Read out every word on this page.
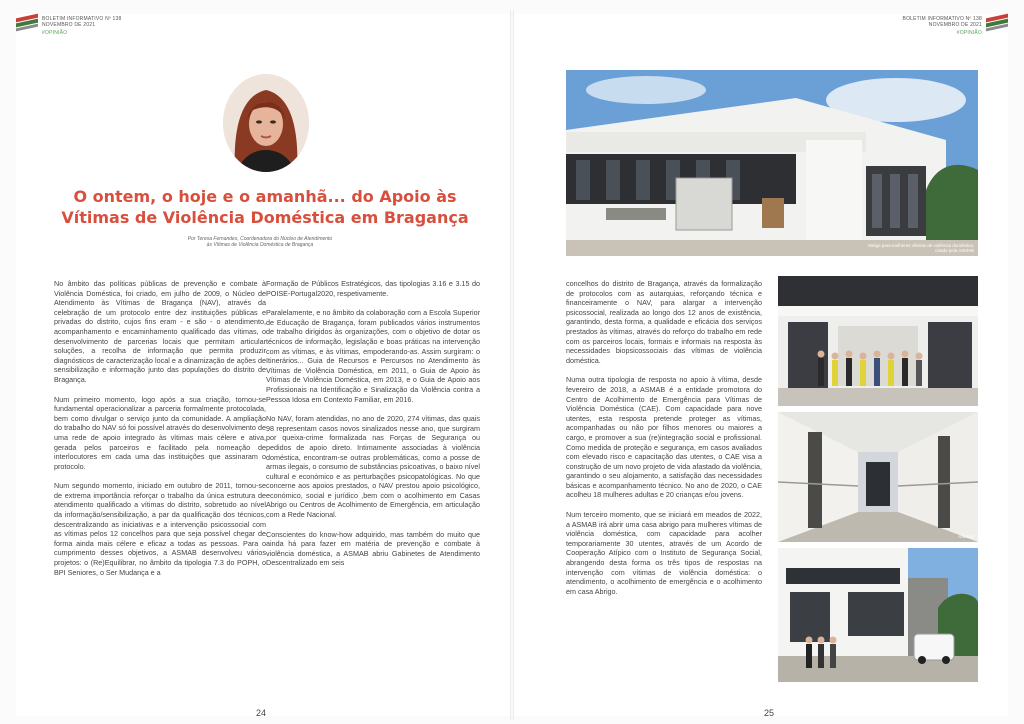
BOLETIM INFORMATIVO Nº 138
NOVEMBRO DE 2021
#OPINIÃO
BOLETIM INFORMATIVO Nº 138
NOVEMBRO DE 2021
#OPINIÃO
O ontem, o hoje e o amanhã... do Apoio às
Vítimas de Violência Doméstica em Bragança
Por Teresa Fernandes, Coordenadora do Núcleo de Atendimento
às Vítimas de Violência Doméstica de Bragança

No âmbito das políticas públicas de prevenção e combate à Violência Doméstica, foi criado, em julho de 2009, o Núcleo de Atendimento às Vítimas de Bragança (NAV), através da celebração de um protocolo entre dez instituições públicas e privadas do distrito, cujos fins eram - e são - o atendimento, acompanhamento e encaminhamento qualificado das vítimas, o desenvolvimento de parcerias locais que permitam articular soluções, a recolha de informação que permita produzir diagnósticos de caracterização local e a dinamização de ações de sensibilização e informação junto das populações do distrito de Bragança.

Num primeiro momento, logo após a sua criação, tornou-se fundamental operacionalizar a parceria formalmente protocolada, bem como divulgar o serviço junto da comunidade. A ampliação do trabalho do NAV só foi possível através do desenvolvimento de uma rede de apoio integrado às vítimas mais célere e ativa, gerada pelos parceiros e facilitado pela nomeação de interlocutores em cada uma das instituições que assinaram o protocolo.

Num segundo momento, iniciado em outubro de 2011, tornou-se de extrema importância reforçar o trabalho da única estrutura de atendimento qualificado a vítimas do distrito, sobretudo ao nível da informação/sensibilização, a par da qualificação dos técnicos, descentralizando as iniciativas e a intervenção psicossocial com as vítimas pelos 12 concelhos para que seja possível chegar de forma ainda mais célere e eficaz a todas as pessoas. Para o cumprimento desses objetivos, a ASMAB desenvolveu vários projetos: o (Re)Equilibrar, no âmbito da tipologia 7.3 do POPH, o BPI Seniores, o Ser Mudança e a

Formação de Públicos Estratégicos, das tipologias 3.16 e 3.15 do POISE-Portugal2020, respetivamente.

Paralelamente, e no âmbito da colaboração com a Escola Superior de Educação de Bragança, foram publicados vários instrumentos de trabalho dirigidos às organizações, com o objetivo de dotar os técnicos de informação, legislação e boas práticas na intervenção com as vítimas, e às vítimas, empoderando-as. Assim surgiram: o Itinerários... Guia de Recursos e Percursos no Atendimento às Vítimas de Violência Doméstica, em 2011, o Guia de Apoio às Vítimas de Violência Doméstica, em 2013, e o Guia de Apoio aos Profissionais na Identificação e Sinalização da Violência contra a Pessoa Idosa em Contexto Familiar, em 2016.

No NAV, foram atendidas, no ano de 2020, 274 vítimas, das quais 98 representam casos novos sinalizados nesse ano, que surgiram por queixa-crime formalizada nas Forças de Segurança ou pedidos de apoio direto. Intimamente associadas à violência doméstica, encontram-se outras problemáticas, como a posse de armas ilegais, o consumo de substâncias psicoativas, o baixo nível cultural e económico e as perturbações psicopatológicas. No que concerne aos apoios prestados, o NAV prestou apoio psicológico, económico, social e jurídico ,bem com o acolhimento em Casas Abrigo ou Centros de Acolhimento de Emergência, em articulação com a Rede Nacional.

Conscientes do know-how adquirido, mas também do muito que ainda há para fazer em matéria de prevenção e combate à violência doméstica, a ASMAB abriu Gabinetes de Atendimento Descentralizado em seis

concelhos do distrito de Bragança, através da formalização de protocolos com as autarquias, reforçando técnica e financeiramente o NAV, para alargar a intervenção psicossocial, realizada ao longo dos 12 anos de existência, garantindo, desta forma, a qualidade e eficácia dos serviços prestados às vítimas, através do reforço do trabalho em rede com os parceiros locais, formais e informais na resposta às necessidades biopsicossociais das vítimas de violência doméstica.

Numa outra tipologia de resposta no apoio à vítima, desde fevereiro de 2018, a ASMAB é a entidade promotora do Centro de Acolhimento de Emergência para Vítimas de Violência Doméstica (CAE). Com capacidade para nove utentes, esta resposta pretende proteger as vítimas, acompanhadas ou não por filhos menores ou maiores a cargo, e promover a sua (re)integração social e profissional. Como medida de proteção e segurança, em casos avaliados com elevado risco e capacitação das utentes, o CAE visa a construção de um novo projeto de vida afastado da violência, garantindo o seu alojamento, a satisfação das necessidades básicas e acompanhamento técnico. No ano de 2020, o CAE acolheu 18 mulheres adultas e 20 crianças e/ou jovens.

Num terceiro momento, que se iniciará em meados de 2022, a ASMAB irá abrir uma casa abrigo para mulheres vítimas de violência doméstica, com capacidade para acolher temporariamente 30 utentes, através de um Acordo de Cooperação Atípico com o Instituto de Segurança Social, abrangendo desta forma os três tipos de respostas na intervenção com vítimas de violência doméstica: o atendimento, o acolhimento de emergência e o acolhimento em casa Abrigo.

Abrigo para mulheres vítimas de violência doméstica, criado pela ASMAB
ASMAB
24	25
